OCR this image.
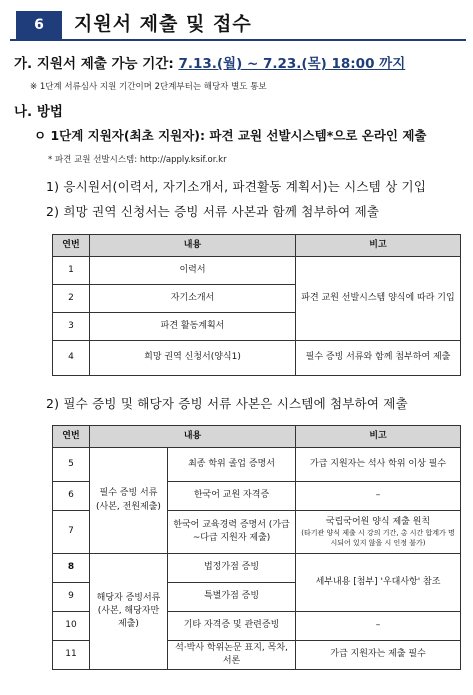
6	지원서 제출 및 접수
가. 지원서 제출 가능 기간: 7.13.(월) ~ 7.23.(목) 18:00 까지
※ 1단계 서류심사 지원 기간이며 2단계부터는 해당자 별도 통보
나. 방법
ㅇ 1단계 지원자(최초 지원자): 파견 교원 선발시스템*으로 온라인 제출
* 파견 교원 선발시스템: http://apply.ksif.or.kr
1) 응시원서(이력서, 자기소개서, 파견활동 계획서)는 시스템 상 기입
2) 희망 권역 신청서는 증빙 서류 사본과 함께 첨부하여 제출
연번	내용	비고
1	이력서	파견 교원 선발시스템 양식에 따라 기입
2	자기소개서	
3	파견 활동계획서	
4	희망 권역 신청서(양식1)	필수 증빙 서류와 함께 첨부하여 제출
2) 필수 증빙 및 해당자 증빙 서류 사본은 시스템에 첨부하여 제출
연번	내용		비고
5	필수 증빙 서류 (사본, 전원제출)	최종 학위 졸업 증명서	가급 지원자는 석사 학위 이상 필수
6		한국어 교원 자격증	–
7		한국어 교육경력 증명서 (가급~다급 지원자 제출)	국립국어원 양식 제출 원칙
(타기관 양식 제출 시 강의 기간, 총 시간 합계가 명시되어 있지 않을 시 인정 불가)

8	해당자 증빙서류 (사본, 해당자만 제출)	법정가점 증빙	세부내용 [첨부] '우대사항' 참조
9		특별가점 증빙	
10		기타 자격증 및 관련증빙	–
11		석·박사 학위논문 표지, 목차, 서론	가급 지원자는 제출 필수
